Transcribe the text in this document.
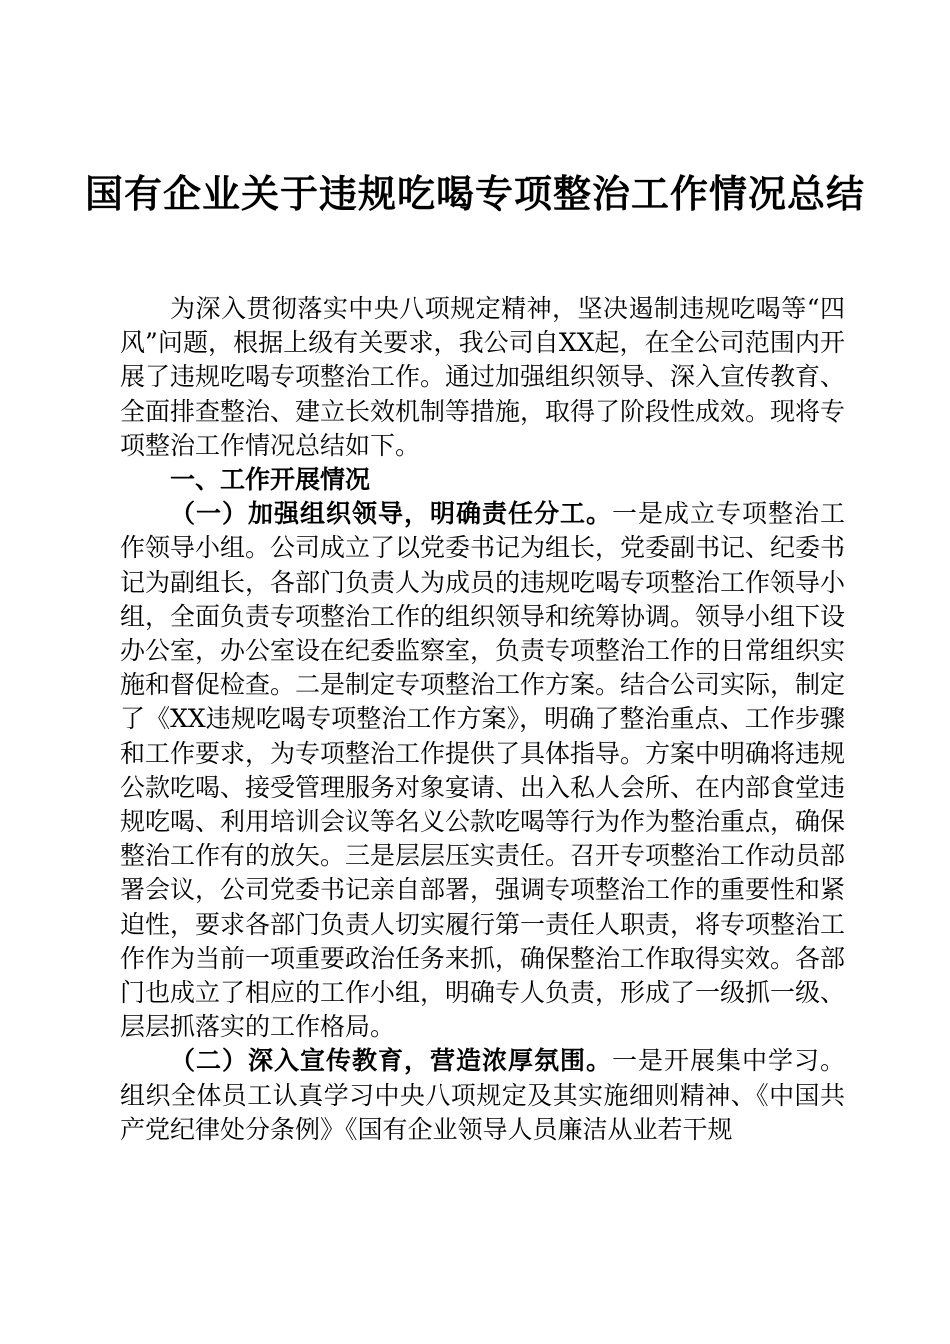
国有企业关于违规吃喝专项整治工作情况总结

为深入贯彻落实中央八项规定精神，坚决遏制违规吃喝等“四风”问题，根据上级有关要求，我公司自XX起，在全公司范围内开展了违规吃喝专项整治工作。通过加强组织领导、深入宣传教育、全面排查整治、建立长效机制等措施，取得了阶段性成效。现将专项整治工作情况总结如下。

一、工作开展情况

（一）加强组织领导，明确责任分工。一是成立专项整治工作领导小组。公司成立了以党委书记为组长，党委副书记、纪委书记为副组长，各部门负责人为成员的违规吃喝专项整治工作领导小组，全面负责专项整治工作的组织领导和统筹协调。领导小组下设办公室，办公室设在纪委监察室，负责专项整治工作的日常组织实施和督促检查。二是制定专项整治工作方案。结合公司实际，制定了《XX违规吃喝专项整治工作方案》，明确了整治重点、工作步骤和工作要求，为专项整治工作提供了具体指导。方案中明确将违规公款吃喝、接受管理服务对象宴请、出入私人会所、在内部食堂违规吃喝、利用培训会议等名义公款吃喝等行为作为整治重点，确保整治工作有的放矢。三是层层压实责任。召开专项整治工作动员部署会议，公司党委书记亲自部署，强调专项整治工作的重要性和紧迫性，要求各部门负责人切实履行第一责任人职责，将专项整治工作作为当前一项重要政治任务来抓，确保整治工作取得实效。各部门也成立了相应的工作小组，明确专人负责，形成了一级抓一级、层层抓落实的工作格局。

（二）深入宣传教育，营造浓厚氛围。一是开展集中学习。组织全体员工认真学习中央八项规定及其实施细则精神、《中国共产党纪律处分条例》《国有企业领导人员廉洁从业若干规
